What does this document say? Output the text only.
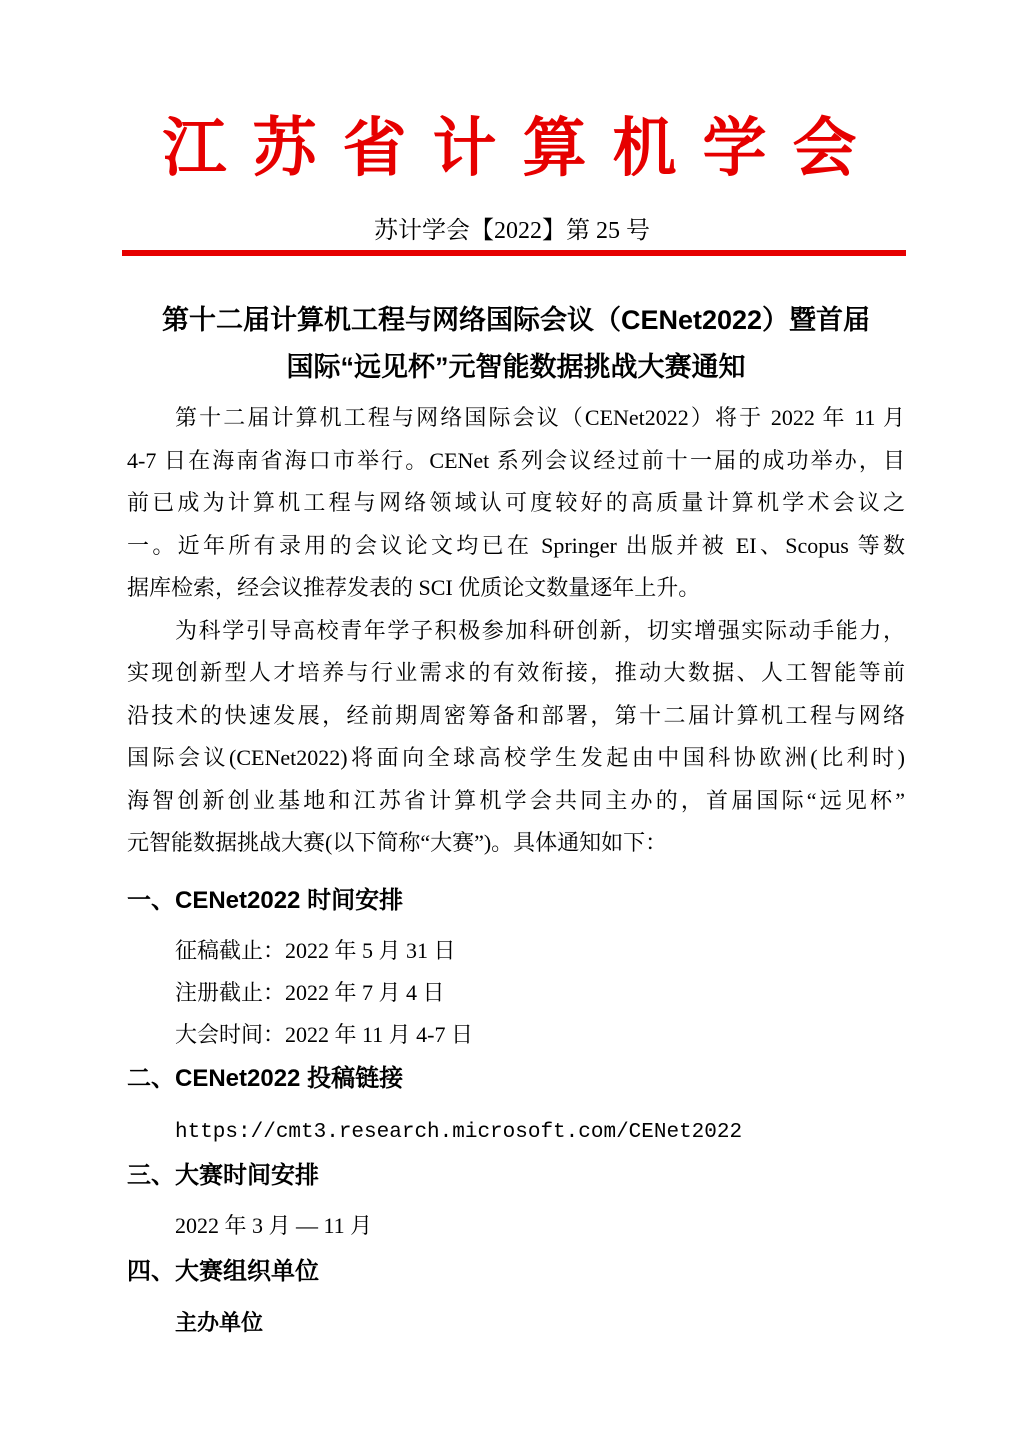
江 苏 省 计 算 机 学 会
苏计学会【2022】第 25 号
第十二届计算机工程与网络国际会议（CENet2022）暨首届
国际“远见杯”元智能数据挑战大赛通知
第十二届计算机工程与网络国际会议（CENet2022）将于 2022 年 11 月
4-7 日在海南省海口市举行。CENet 系列会议经过前十一届的成功举办，目
前已成为计算机工程与网络领域认可度较好的高质量计算机学术会议之
一。近年所有录用的会议论文均已在 Springer 出版并被 EI、Scopus 等数
据库检索，经会议推荐发表的 SCI 优质论文数量逐年上升。
为科学引导高校青年学子积极参加科研创新，切实增强实际动手能力，
实现创新型人才培养与行业需求的有效衔接，推动大数据、人工智能等前
沿技术的快速发展，经前期周密筹备和部署，第十二届计算机工程与网络
国际会议(CENet2022)将面向全球高校学生发起由中国科协欧洲(比利时)
海智创新创业基地和江苏省计算机学会共同主办的，首届国际“远见杯”
元智能数据挑战大赛(以下简称“大赛”)。具体通知如下：
一、CENet2022 时间安排
征稿截止：2022 年 5 月 31 日
注册截止：2022 年 7 月 4 日
大会时间：2022 年 11 月 4-7 日
二、CENet2022 投稿链接
https://cmt3.research.microsoft.com/CENet2022
三、大赛时间安排
2022 年 3 月 — 11 月
四、大赛组织单位
主办单位
